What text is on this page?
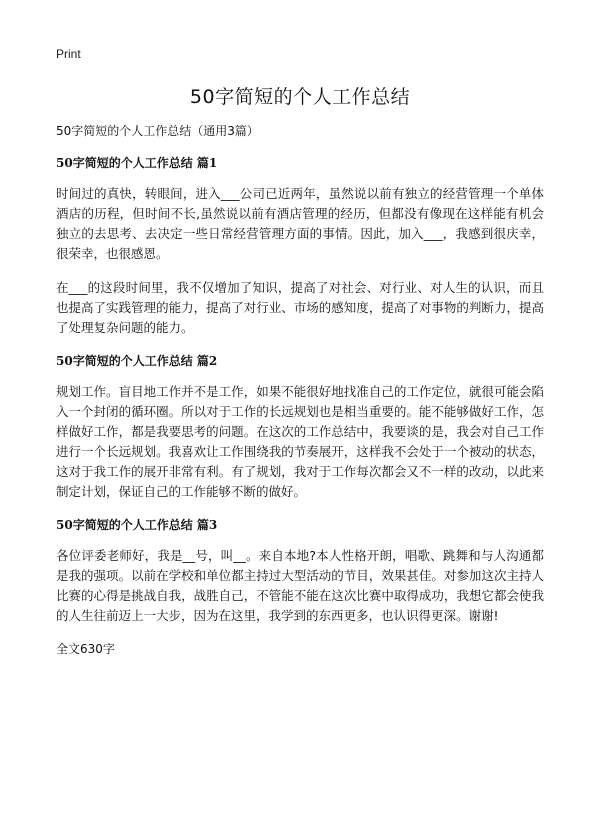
Print

50字简短的个人工作总结

50字简短的个人工作总结（通用3篇）

50字简短的个人工作总结 篇1

时间过的真快，转眼间，进入___公司已近两年，虽然说以前有独立的经营管理一个单体酒店的历程，但时间不长,虽然说以前有酒店管理的经历，但都没有像现在这样能有机会独立的去思考、去决定一些日常经营管理方面的事情。因此，加入___，我感到很庆幸，很荣幸，也很感恩。

在___的这段时间里，我不仅增加了知识，提高了对社会、对行业、对人生的认识，而且也提高了实践管理的能力，提高了对行业、市场的感知度，提高了对事物的判断力，提高了处理复杂问题的能力。

50字简短的个人工作总结 篇2

规划工作。盲目地工作并不是工作，如果不能很好地找准自己的工作定位，就很可能会陷入一个封闭的循环圈。所以对于工作的长远规划也是相当重要的。能不能够做好工作，怎样做好工作，都是我要思考的问题。在这次的工作总结中，我要谈的是，我会对自己工作进行一个长远规划。我喜欢让工作围绕我的节奏展开，这样我不会处于一个被动的状态，这对于我工作的展开非常有利。有了规划，我对于工作每次都会又不一样的改动，以此来制定计划，保证自己的工作能够不断的做好。

50字简短的个人工作总结 篇3

各位评委老师好，我是__号，叫__。来自本地?本人性格开朗，唱歌、跳舞和与人沟通都是我的强项。以前在学校和单位都主持过大型活动的节目，效果甚佳。对参加这次主持人比赛的心得是挑战自我，战胜自己，不管能不能在这次比赛中取得成功，我想它都会使我的人生往前迈上一大步，因为在这里，我学到的东西更多，也认识得更深。谢谢!

全文630字
